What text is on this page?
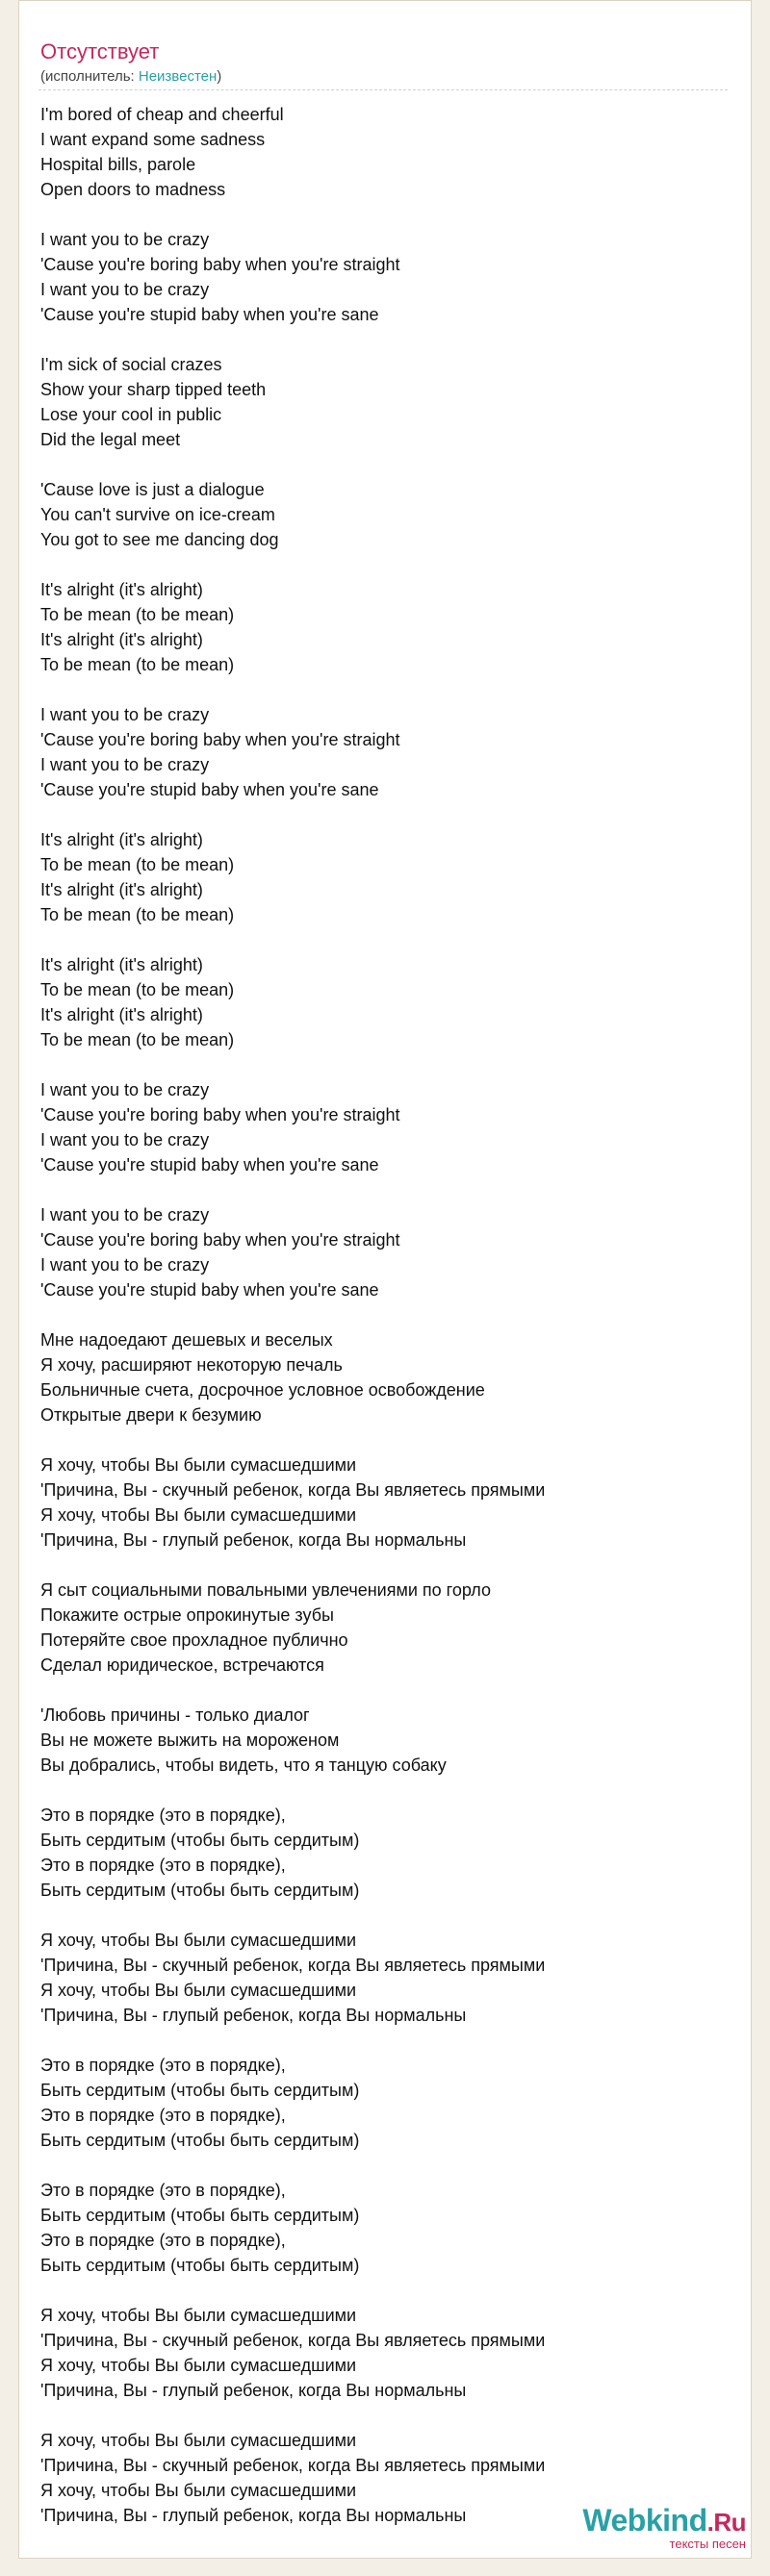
Отсутствует
(исполнитель: Неизвестен)
I'm bored of cheap and cheerful
I want expand some sadness
Hospital bills, parole
Open doors to madness
I want you to be crazy
'Cause you're boring baby when you're straight
I want you to be crazy
'Cause you're stupid baby when you're sane
I'm sick of social crazes
Show your sharp tipped teeth
Lose your cool in public
Did the legal meet
'Cause love is just a dialogue
You can't survive on ice-cream
You got to see me dancing dog
It's alright (it's alright)
To be mean (to be mean)
It's alright (it's alright)
To be mean (to be mean)
I want you to be crazy
'Cause you're boring baby when you're straight
I want you to be crazy
'Cause you're stupid baby when you're sane
It's alright (it's alright)
To be mean (to be mean)
It's alright (it's alright)
To be mean (to be mean)
It's alright (it's alright)
To be mean (to be mean)
It's alright (it's alright)
To be mean (to be mean)
I want you to be crazy
'Cause you're boring baby when you're straight
I want you to be crazy
'Cause you're stupid baby when you're sane
I want you to be crazy
'Cause you're boring baby when you're straight
I want you to be crazy
'Cause you're stupid baby when you're sane
Мне надоедают дешевых и веселых
Я хочу, расширяют некоторую печаль
Больничные счета, досрочное условное освобождение
Открытые двери к безумию
Я хочу, чтобы Вы были сумасшедшими
'Причина, Вы - скучный ребенок, когда Вы являетесь прямыми
Я хочу, чтобы Вы были сумасшедшими
'Причина, Вы - глупый ребенок, когда Вы нормальны
Я сыт социальными повальными увлечениями по горло
Покажите острые опрокинутые зубы
Потеряйте свое прохладное публично
Сделал юридическое, встречаются
'Любовь причины - только диалог
Вы не можете выжить на мороженом
Вы добрались, чтобы видеть, что я танцую собаку
Это в порядке (это в порядке),
Быть сердитым (чтобы быть сердитым)
Это в порядке (это в порядке),
Быть сердитым (чтобы быть сердитым)
Я хочу, чтобы Вы были сумасшедшими
'Причина, Вы - скучный ребенок, когда Вы являетесь прямыми
Я хочу, чтобы Вы были сумасшедшими
'Причина, Вы - глупый ребенок, когда Вы нормальны
Это в порядке (это в порядке),
Быть сердитым (чтобы быть сердитым)
Это в порядке (это в порядке),
Быть сердитым (чтобы быть сердитым)
Это в порядке (это в порядке),
Быть сердитым (чтобы быть сердитым)
Это в порядке (это в порядке),
Быть сердитым (чтобы быть сердитым)
Я хочу, чтобы Вы были сумасшедшими
'Причина, Вы - скучный ребенок, когда Вы являетесь прямыми
Я хочу, чтобы Вы были сумасшедшими
'Причина, Вы - глупый ребенок, когда Вы нормальны
Я хочу, чтобы Вы были сумасшедшими
'Причина, Вы - скучный ребенок, когда Вы являетесь прямыми
Я хочу, чтобы Вы были сумасшедшими
'Причина, Вы - глупый ребенок, когда Вы нормальны	Webkind.Ru
тексты песен
